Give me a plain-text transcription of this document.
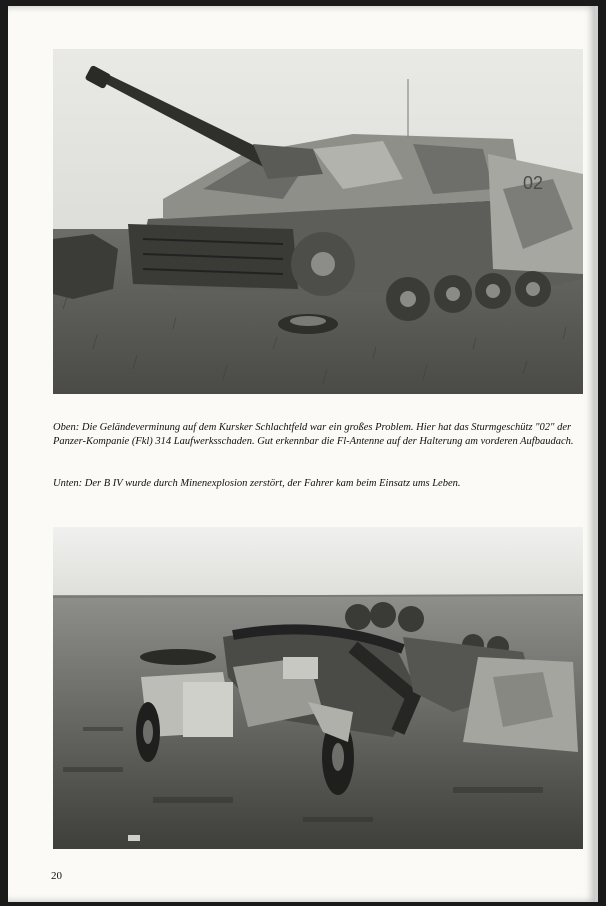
02
Oben: Die Geländeverminung auf dem Kursker Schlachtfeld war ein großes Problem. Hier hat das Sturmgeschütz "02" der Panzer-Kompanie (Fkl) 314 Laufwerksschaden. Gut erkennbar die Fl-Antenne auf der Halterung am vorderen Aufbaudach.
Unten: Der B IV wurde durch Minenexplosion zerstört, der Fahrer kam beim Einsatz ums Leben.
20
